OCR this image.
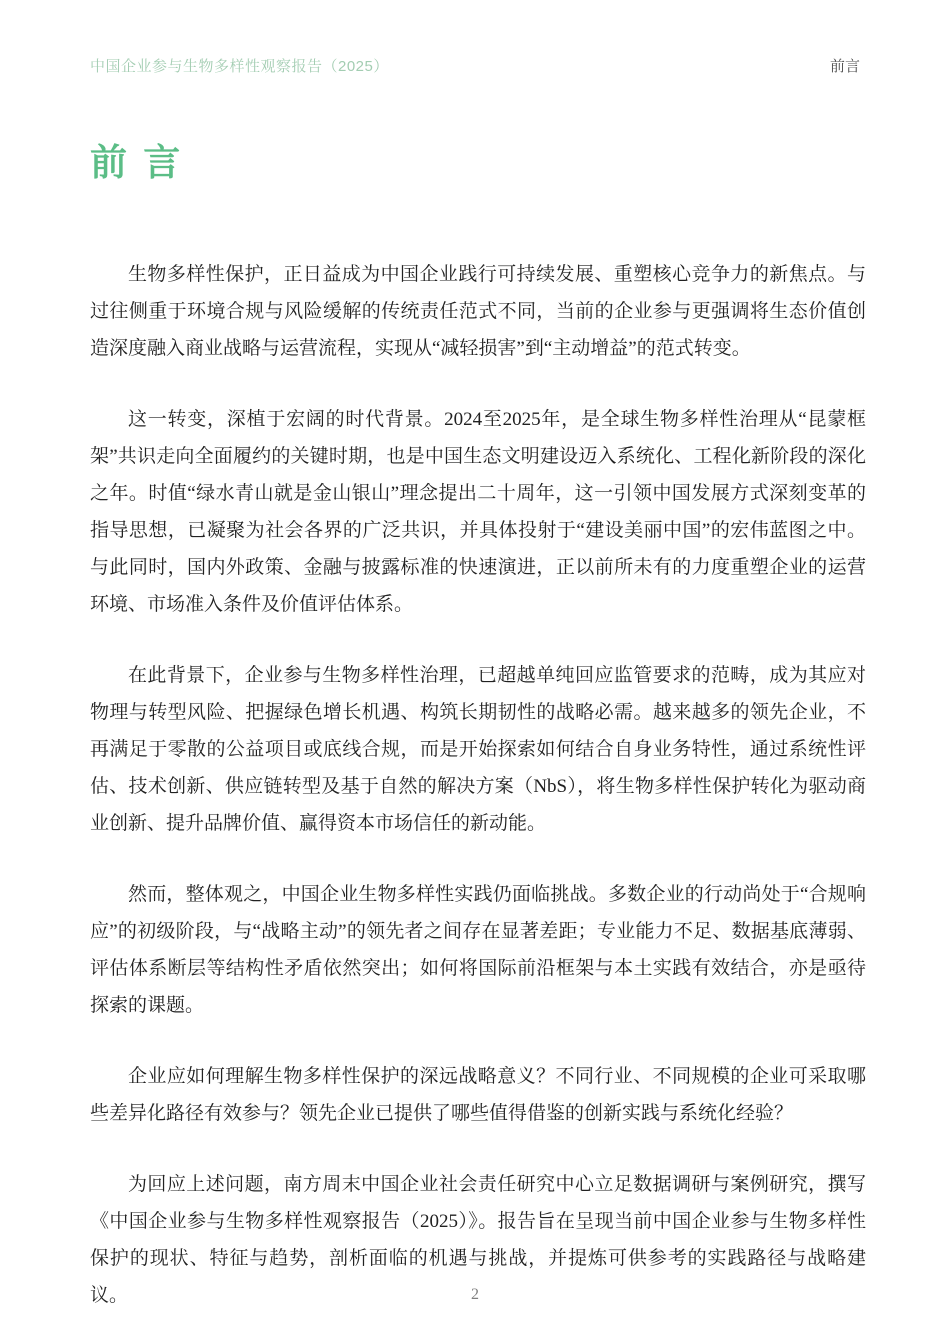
中国企业参与生物多样性观察报告（2025）	前言
前 言

生物多样性保护，正日益成为中国企业践行可持续发展、重塑核心竞争力的新焦点。与过往侧重于环境合规与风险缓解的传统责任范式不同，当前的企业参与更强调将生态价值创造深度融入商业战略与运营流程，实现从“减轻损害”到“主动增益”的范式转变。

这一转变，深植于宏阔的时代背景。2024至2025年，是全球生物多样性治理从“昆蒙框架”共识走向全面履约的关键时期，也是中国生态文明建设迈入系统化、工程化新阶段的深化之年。时值“绿水青山就是金山银山”理念提出二十周年，这一引领中国发展方式深刻变革的指导思想，已凝聚为社会各界的广泛共识，并具体投射于“建设美丽中国”的宏伟蓝图之中。与此同时，国内外政策、金融与披露标准的快速演进，正以前所未有的力度重塑企业的运营环境、市场准入条件及价值评估体系。

在此背景下，企业参与生物多样性治理，已超越单纯回应监管要求的范畴，成为其应对物理与转型风险、把握绿色增长机遇、构筑长期韧性的战略必需。越来越多的领先企业，不再满足于零散的公益项目或底线合规，而是开始探索如何结合自身业务特性，通过系统性评估、技术创新、供应链转型及基于自然的解决方案（NbS），将生物多样性保护转化为驱动商业创新、提升品牌价值、赢得资本市场信任的新动能。

然而，整体观之，中国企业生物多样性实践仍面临挑战。多数企业的行动尚处于“合规响应”的初级阶段，与“战略主动”的领先者之间存在显著差距；专业能力不足、数据基底薄弱、评估体系断层等结构性矛盾依然突出；如何将国际前沿框架与本土实践有效结合，亦是亟待探索的课题。

企业应如何理解生物多样性保护的深远战略意义？不同行业、不同规模的企业可采取哪些差异化路径有效参与？领先企业已提供了哪些值得借鉴的创新实践与系统化经验？

为回应上述问题，南方周末中国企业社会责任研究中心立足数据调研与案例研究，撰写《中国企业参与生物多样性观察报告（2025）》。报告旨在呈现当前中国企业参与生物多样性保护的现状、特征与趋势，剖析面临的机遇与挑战，并提炼可供参考的实践路径与战略建议。	2
